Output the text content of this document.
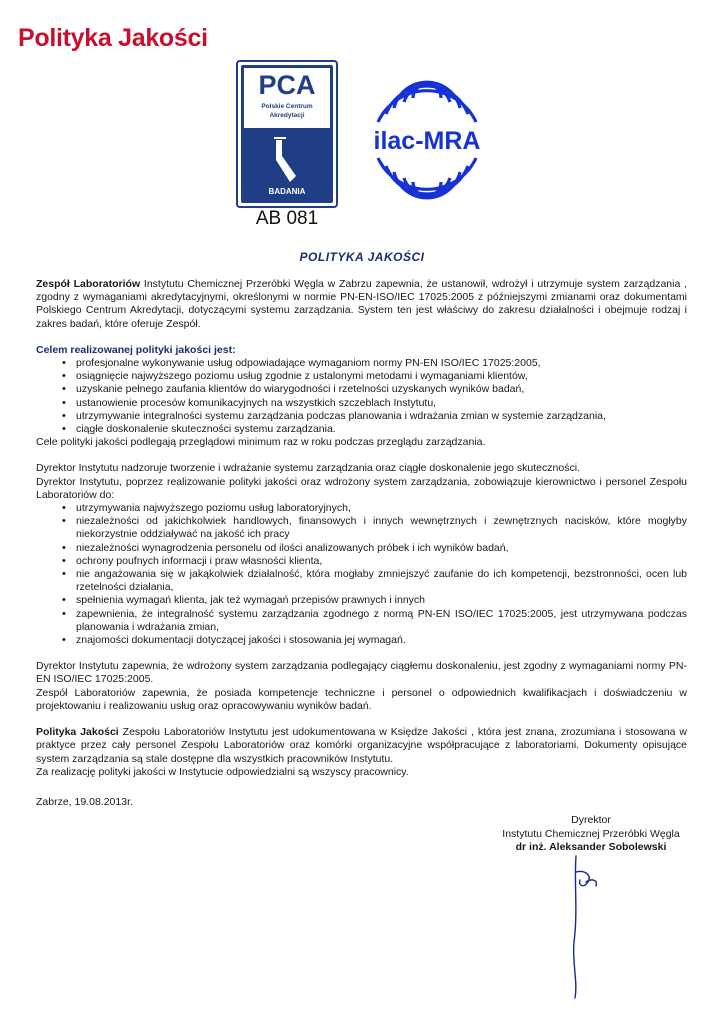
Polityka Jakości
PCA
Polskie Centrum
Akredytacji
BADANIA
AB 081
ilac-MRA
POLITYKA JAKOŚCI

Zespół Laboratoriów Instytutu Chemicznej Przeróbki Węgla w Zabrzu zapewnia, że ustanowił, wdrożył i utrzymuje system zarządzania , zgodny z wymaganiami akredytacyjnymi, określonymi w normie PN-EN-ISO/IEC 17025:2005 z późniejszymi zmianami oraz dokumentami Polskiego Centrum Akredytacji, dotyczącymi systemu zarządzania. System ten jest właściwy do zakresu działalności i obejmuje rodzaj i zakres badań, które oferuje Zespół.

Celem realizowanej polityki jakości jest:

• profesjonalne wykonywanie usług odpowiadające wymaganiom normy PN-EN ISO/IEC 17025:2005,
• osiągnięcie najwyższego poziomu usług zgodnie z ustalonymi metodami i wymaganiami klientów,
• uzyskanie pełnego zaufania klientów do wiarygodności i rzetelności uzyskanych wyników badań,
• ustanowienie procesów komunikacyjnych na wszystkich szczeblach Instytutu,
• utrzymywanie integralności systemu zarządzania podczas planowania i wdrażania zmian w systemie zarządzania,
• ciągłe doskonalenie skuteczności systemu zarządzania.

Cele polityki jakości podlegają przeglądowi minimum raz w roku podczas przeglądu zarządzania.

Dyrektor Instytutu nadzoruje tworzenie i wdrażanie systemu zarządzania oraz ciągłe doskonalenie jego skuteczności.

Dyrektor Instytutu, poprzez realizowanie polityki jakości oraz wdrożony system zarządzania, zobowiązuje kierownictwo i personel Zespołu Laboratoriów do:

• utrzymywania najwyższego poziomu usług laboratoryjnych,
• niezależności od jakichkolwiek handlowych, finansowych i innych wewnętrznych i zewnętrznych nacisków, które mogłyby niekorzystnie oddziaływać na jakość ich pracy
• niezależności wynagrodzenia personelu od ilości analizowanych próbek i ich wyników badań,
• ochrony poufnych informacji i praw własności klienta,
• nie angażowania się w jakąkolwiek działalność, która mogłaby zmniejszyć zaufanie do ich kompetencji, bezstronności, ocen lub rzetelności działania,
• spełnienia wymagań klienta, jak też wymagań przepisów prawnych i innych
• zapewnienia, że integralność systemu zarządzania zgodnego z normą PN-EN ISO/IEC 17025:2005, jest utrzymywana podczas planowania i wdrażania zmian,
• znajomości dokumentacji dotyczącej jakości i stosowania jej wymagań.

Dyrektor Instytutu zapewnia, że wdrożony system zarządzania podlegający ciągłemu doskonaleniu, jest zgodny z wymaganiami normy PN-EN ISO/IEC 17025:2005.

Zespół Laboratoriów zapewnia, że posiada kompetencje techniczne i personel o odpowiednich kwalifikacjach i doświadczeniu w projektowaniu i realizowaniu usług oraz opracowywaniu wyników badań.

Polityka Jakości Zespołu Laboratoriów Instytutu jest udokumentowana w Księdze Jakości , która jest znana, zrozumiana i stosowana w praktyce przez cały personel Zespołu Laboratoriów oraz komórki organizacyjne współpracujące z laboratoriami. Dokumenty opisujące system zarządzania są stale dostępne dla wszystkich pracowników Instytutu.

Za realizację polityki jakości w Instytucie odpowiedzialni są wszyscy pracownicy.

Zabrze, 19.08.2013r.
Dyrektor
Instytutu Chemicznej Przeróbki Węgla
dr inż. Aleksander Sobolewski
